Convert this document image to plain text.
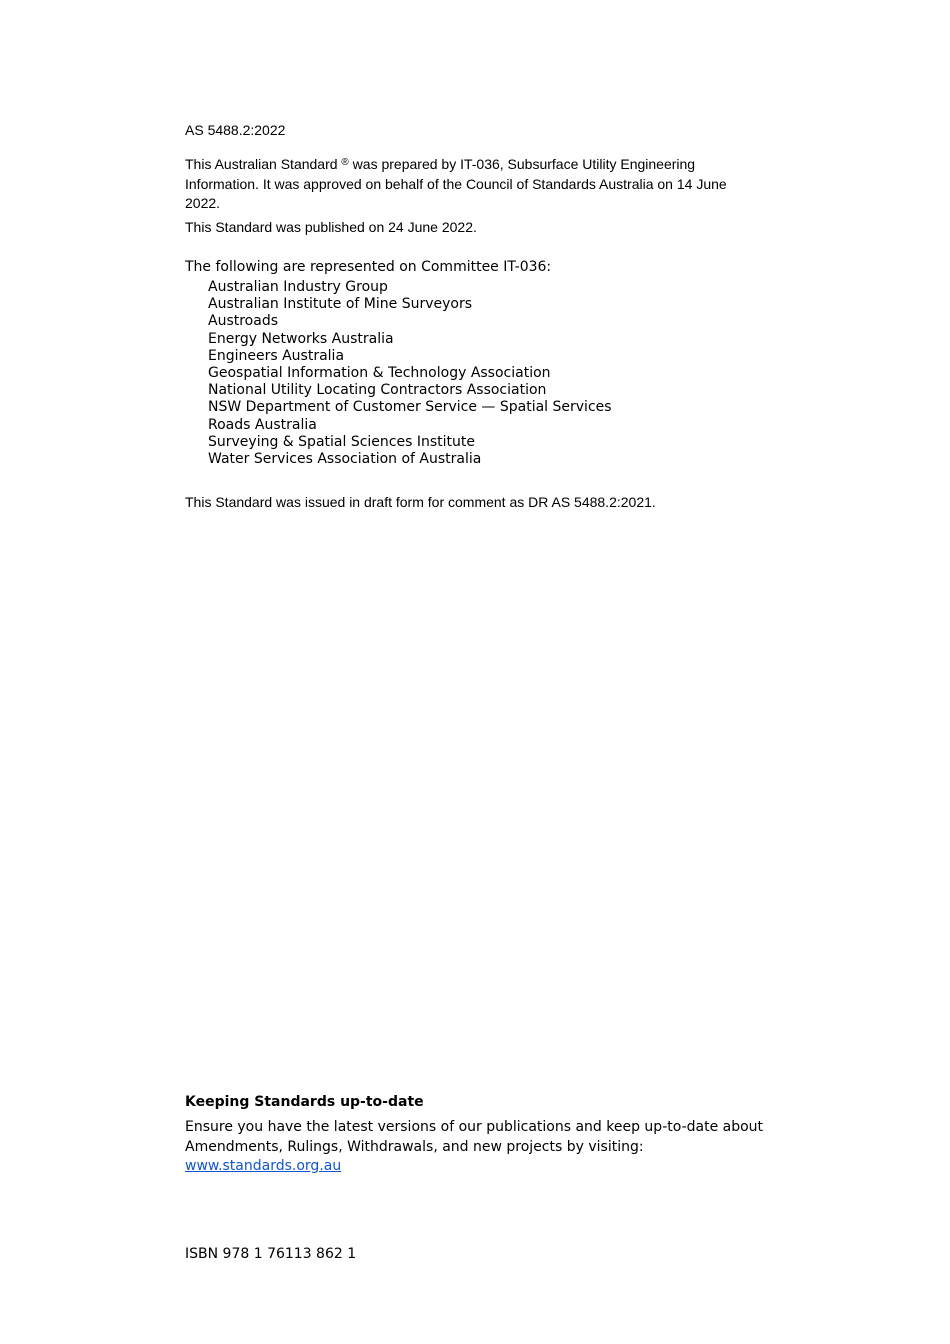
AS 5488.2:2022

This Australian Standard ® was prepared by IT-036, Subsurface Utility Engineering Information. It was approved on behalf of the Council of Standards Australia on 14 June 2022.

This Standard was published on 24 June 2022.

The following are represented on Committee IT-036:

Australian Industry Group
Australian Institute of Mine Surveyors
Austroads
Energy Networks Australia
Engineers Australia
Geospatial Information & Technology Association
National Utility Locating Contractors Association
NSW Department of Customer Service — Spatial Services
Roads Australia
Surveying & Spatial Sciences Institute
Water Services Association of Australia

This Standard was issued in draft form for comment as DR AS 5488.2:2021.

Keeping Standards up-to-date

Ensure you have the latest versions of our publications and keep up-to-date about Amendments, Rulings, Withdrawals, and new projects by visiting:
www.standards.org.au

ISBN 978 1 76113 862 1
